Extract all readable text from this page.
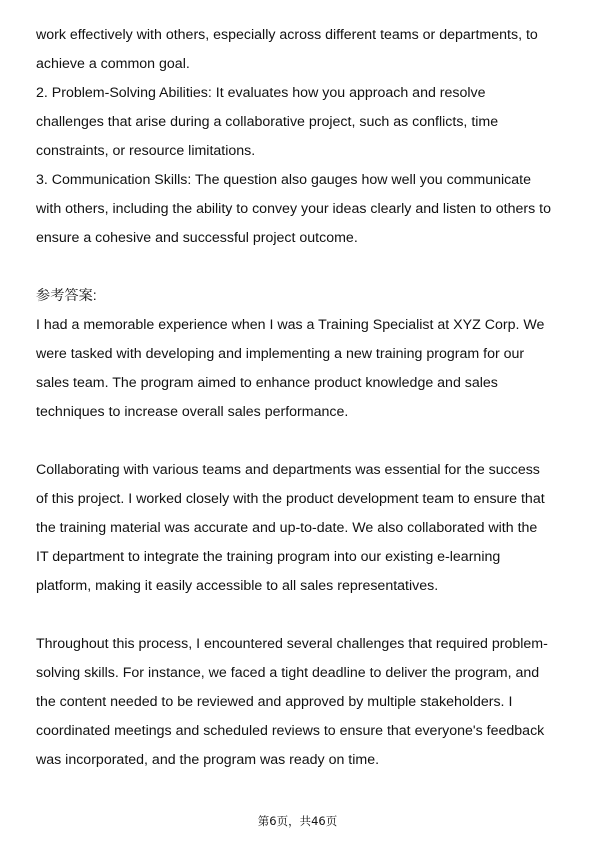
work effectively with others, especially across different teams or departments, to
achieve a common goal.
2. Problem-Solving Abilities: It evaluates how you approach and resolve
challenges that arise during a collaborative project, such as conflicts, time
constraints, or resource limitations.
3. Communication Skills: The question also gauges how well you communicate
with others, including the ability to convey your ideas clearly and listen to others to
ensure a cohesive and successful project outcome.
参考答案:
I had a memorable experience when I was a Training Specialist at XYZ Corp. We
were tasked with developing and implementing a new training program for our
sales team. The program aimed to enhance product knowledge and sales
techniques to increase overall sales performance.
Collaborating with various teams and departments was essential for the success
of this project. I worked closely with the product development team to ensure that
the training material was accurate and up-to-date. We also collaborated with the
IT department to integrate the training program into our existing e-learning
platform, making it easily accessible to all sales representatives.
Throughout this process, I encountered several challenges that required problem-
solving skills. For instance, we faced a tight deadline to deliver the program, and
the content needed to be reviewed and approved by multiple stakeholders. I
coordinated meetings and scheduled reviews to ensure that everyone's feedback
was incorporated, and the program was ready on time.
第6页，共46页
